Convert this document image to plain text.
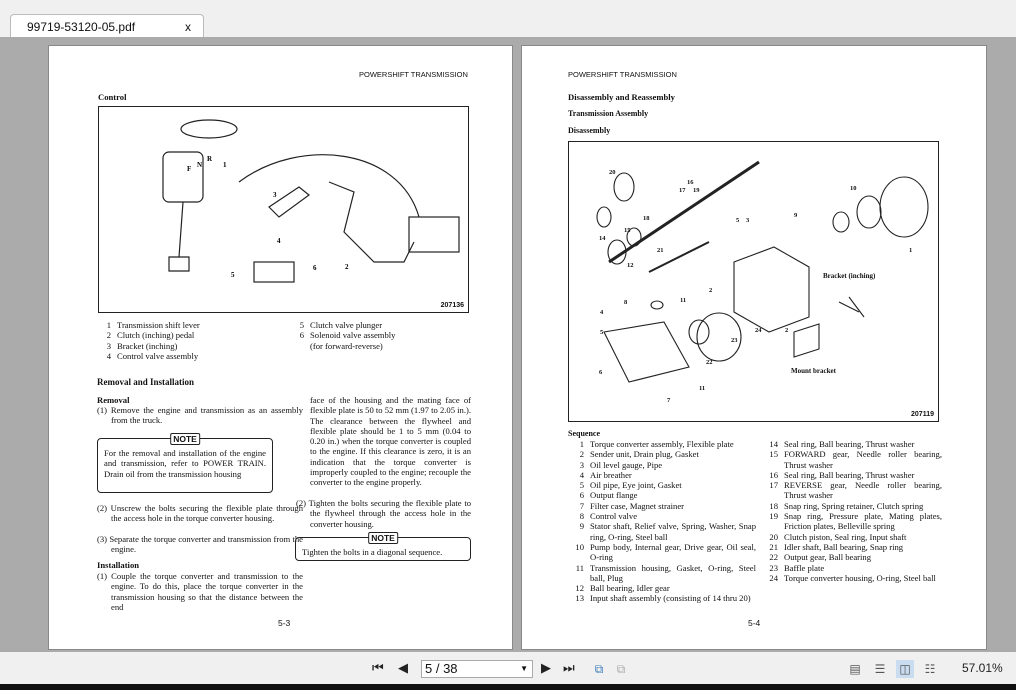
99719-53120-05.pdf	x
POWERSHIFT TRANSMISSION
Control
R
N
F	1
2
3
4
5
6
207136
1 Transmission shift lever
2 Clutch (inching) pedal
3 Bracket (inching)
4 Control valve assembly
5 Clutch valve plunger
6 Solenoid valve assembly
(for forward-reverse)
Removal and Installation
Removal
(1) Remove the engine and transmission as an assembly from the truck.
NOTE
For the removal and installation of the engine and transmission, refer to POWER TRAIN. Drain oil from the transmission housing
(2) Unscrew the bolts securing the flexible plate through the access hole in the torque converter housing.
(3) Separate the torque converter and transmission from the engine.
Installation
(1) Couple the torque converter and transmission to the engine. To do this, place the torque converter in the transmission housing so that the distance between the end
face of the housing and the mating face of flexible plate is 50 to 52 mm (1.97 to 2.05 in.). The clearance between the flywheel and flexible plate should be 1 to 5 mm (0.04 to 0.20 in.) when the torque converter is coupled to the engine. If this clearance is zero, it is an indication that the torque converter is improperly coupled to the engine; recouple the converter to the engine properly.
(2) Tighten the bolts securing the flexible plate to the flywheel through the access hole in the converter housing.
NOTE
Tighten the bolts in a diagonal sequence.
5-3
POWERSHIFT TRANSMISSION
Disassembly and Reassembly
Transmission Assembly
Disassembly
20
16
17 19
18
14
15
21
12
10
9
1
5 3
2
8	11
5
6
7
11
22
23
24	2
4
Bracket (inching)
Mount bracket
207119
Sequence
1 Torque converter assembly, Flexible plate
2 Sender unit, Drain plug, Gasket
3 Oil level gauge, Pipe
4 Air breather
5 Oil pipe, Eye joint, Gasket
6 Output flange
7 Filter case, Magnet strainer
8 Control valve
9 Stator shaft, Relief valve, Spring, Washer, Snap ring, O-ring, Steel ball
10 Pump body, Internal gear, Drive gear, Oil seal, O-ring
11 Transmission housing, Gasket, O-ring, Steel ball, Plug
12 Ball bearing, Idler gear
13 Input shaft assembly (consisting of 14 thru 20)
14 Seal ring, Ball bearing, Thrust washer
15 FORWARD gear, Needle roller bearing, Thrust washer
16 Seal ring, Ball bearing, Thrust washer
17 REVERSE gear, Needle roller bearing, Thrust washer
18 Snap ring, Spring retainer, Clutch spring
19 Snap ring, Pressure plate, Mating plates, Friction plates, Belleville spring
20 Clutch piston, Seal ring, Input shaft
21 Idler shaft, Ball bearing, Snap ring
22 Output gear, Ball bearing
23 Baffle plate
24 Torque converter housing, O-ring, Steel ball
5-4
⏮ ◀	5 / 38	▼ ▶ ⏭	⧉	⧉	▤	☰	◫	☷	57.01%
